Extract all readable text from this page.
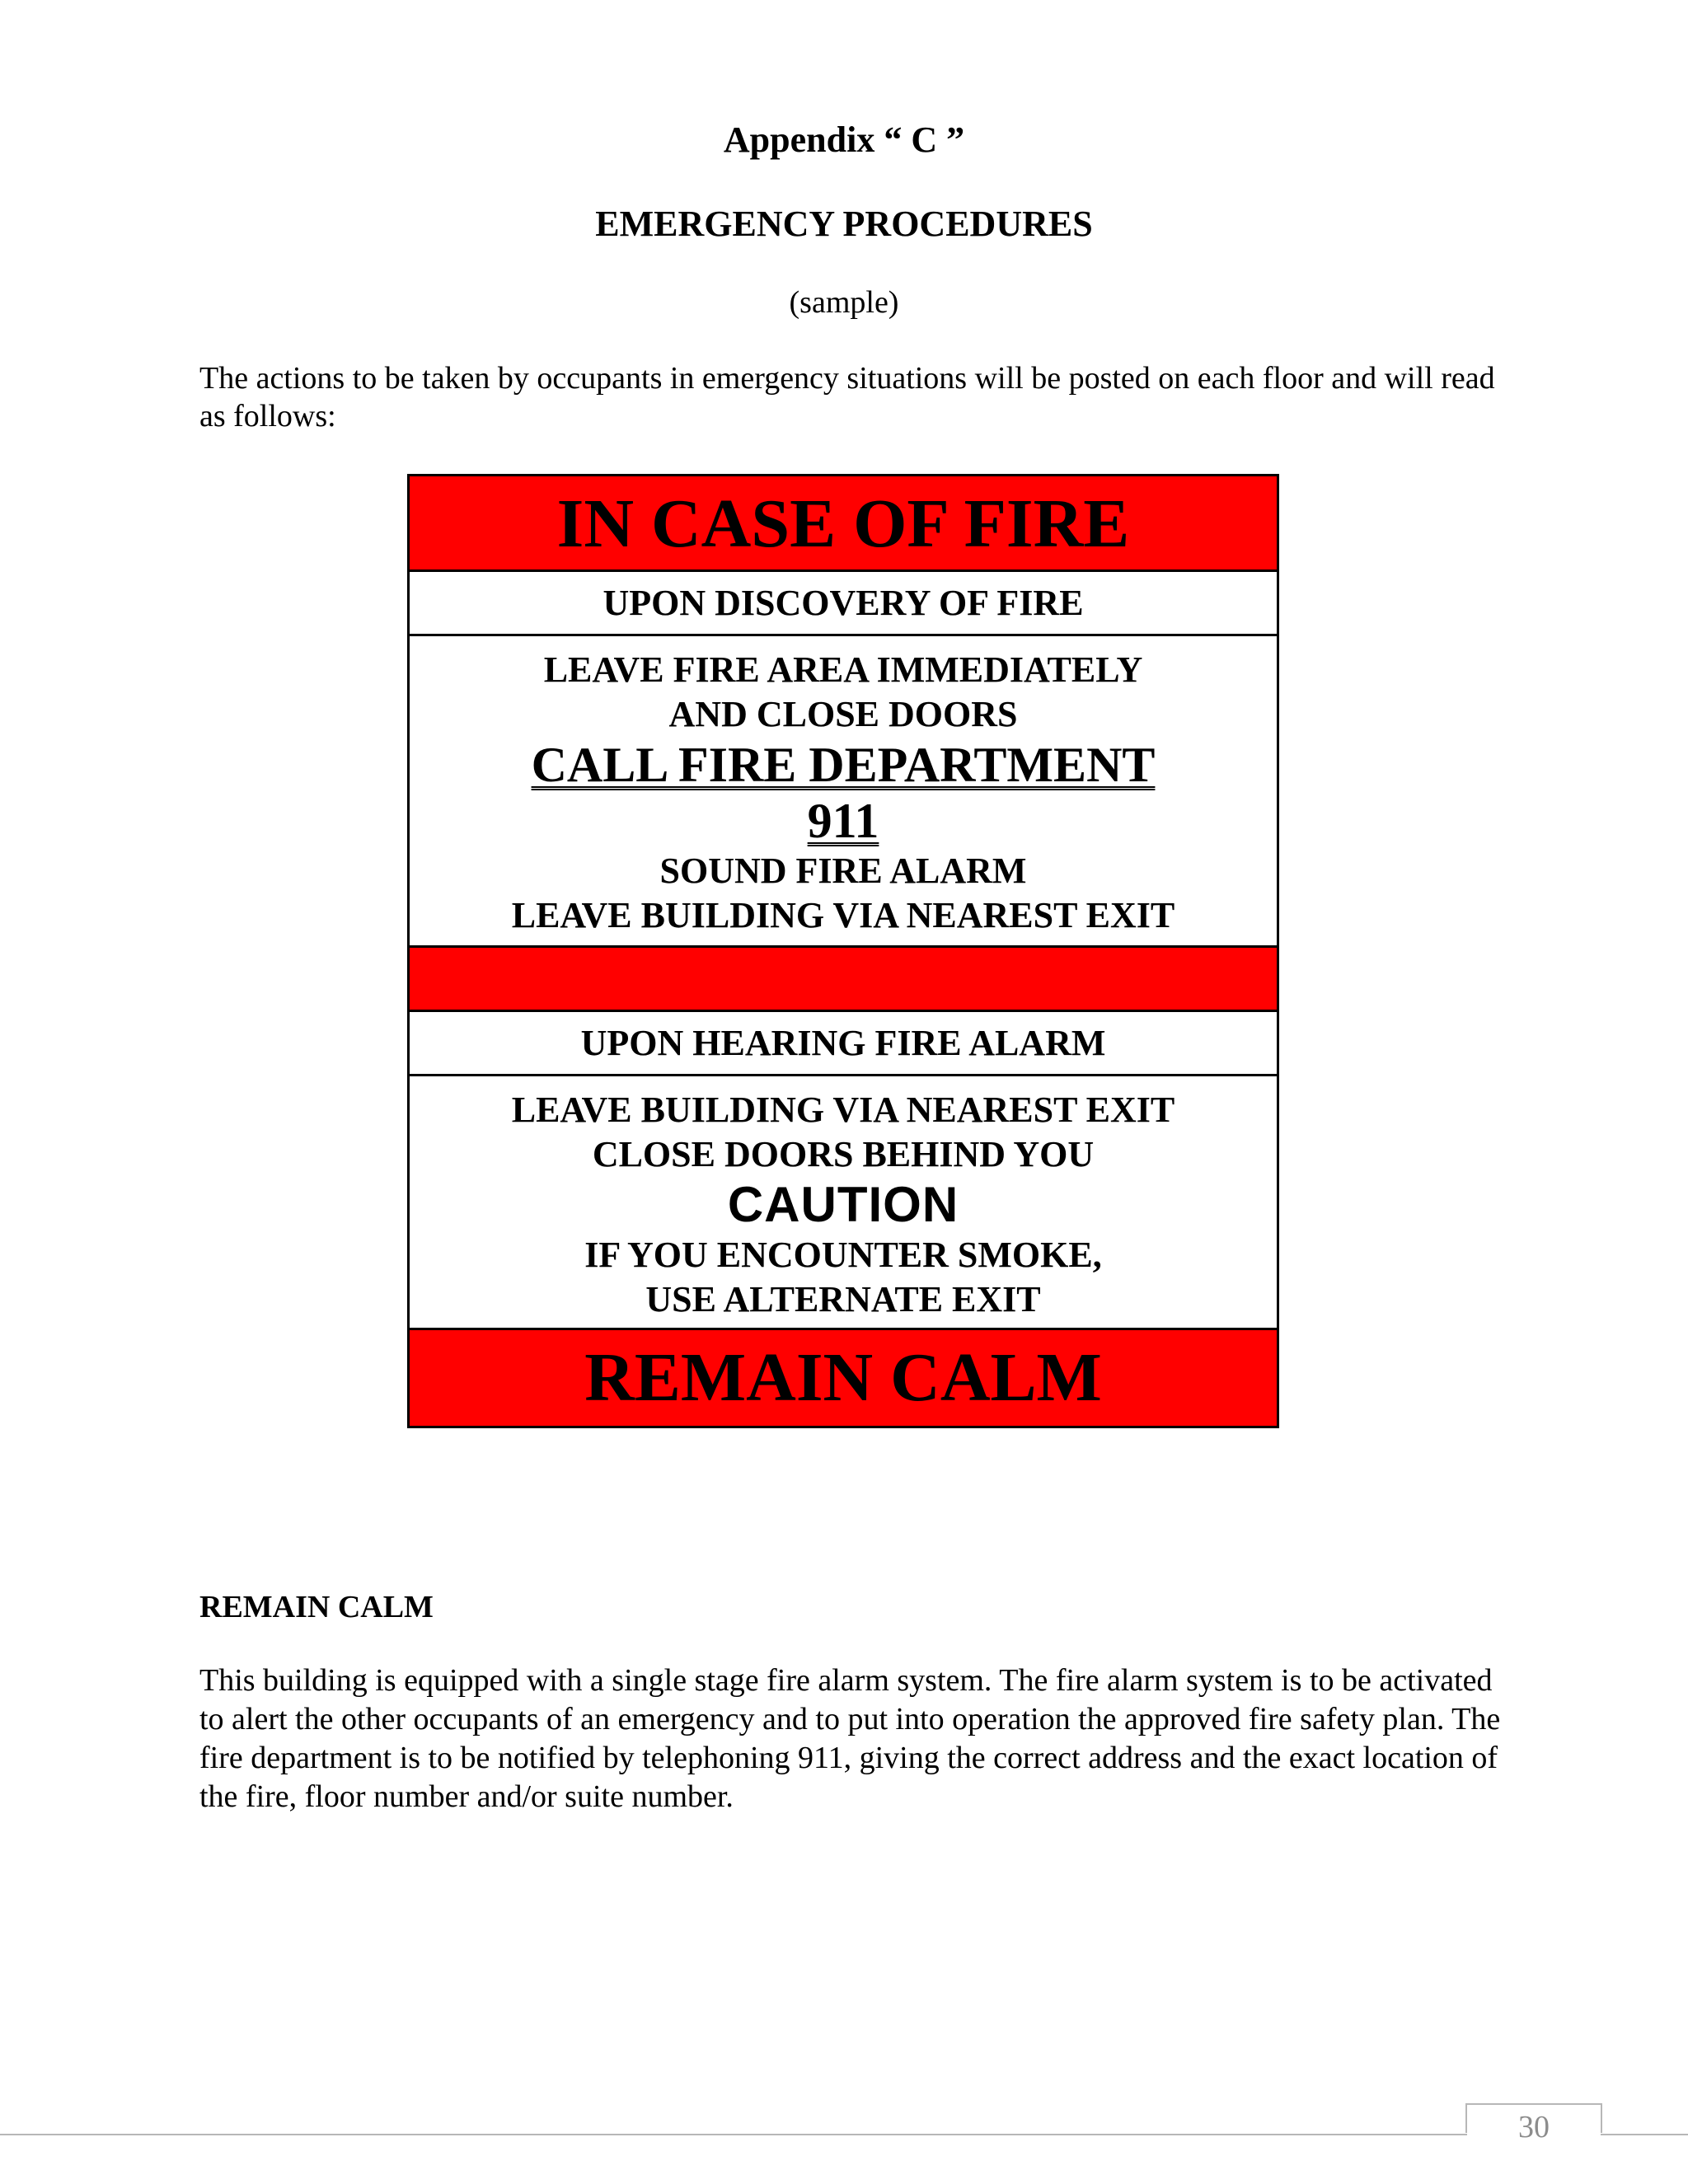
Appendix “ C ”
EMERGENCY PROCEDURES
(sample)

The actions to be taken by occupants in emergency situations will be posted on each floor and will read as follows:

IN CASE OF FIRE
UPON DISCOVERY OF FIRE
LEAVE FIRE AREA IMMEDIATELY
AND CLOSE DOORS
CALL FIRE DEPARTMENT
911
SOUND FIRE ALARM
LEAVE BUILDING VIA NEAREST EXIT
UPON HEARING FIRE ALARM
LEAVE BUILDING VIA NEAREST EXIT
CLOSE DOORS BEHIND YOU
CAUTION
IF YOU ENCOUNTER SMOKE,
USE ALTERNATE EXIT
REMAIN CALM
REMAIN CALM

This building is equipped with a single stage fire alarm system. The fire alarm system is to be activated to alert the other occupants of an emergency and to put into operation the approved fire safety plan. The fire department is to be notified by telephoning 911, giving the correct address and the exact location of the fire, floor number and/or suite number.

30
